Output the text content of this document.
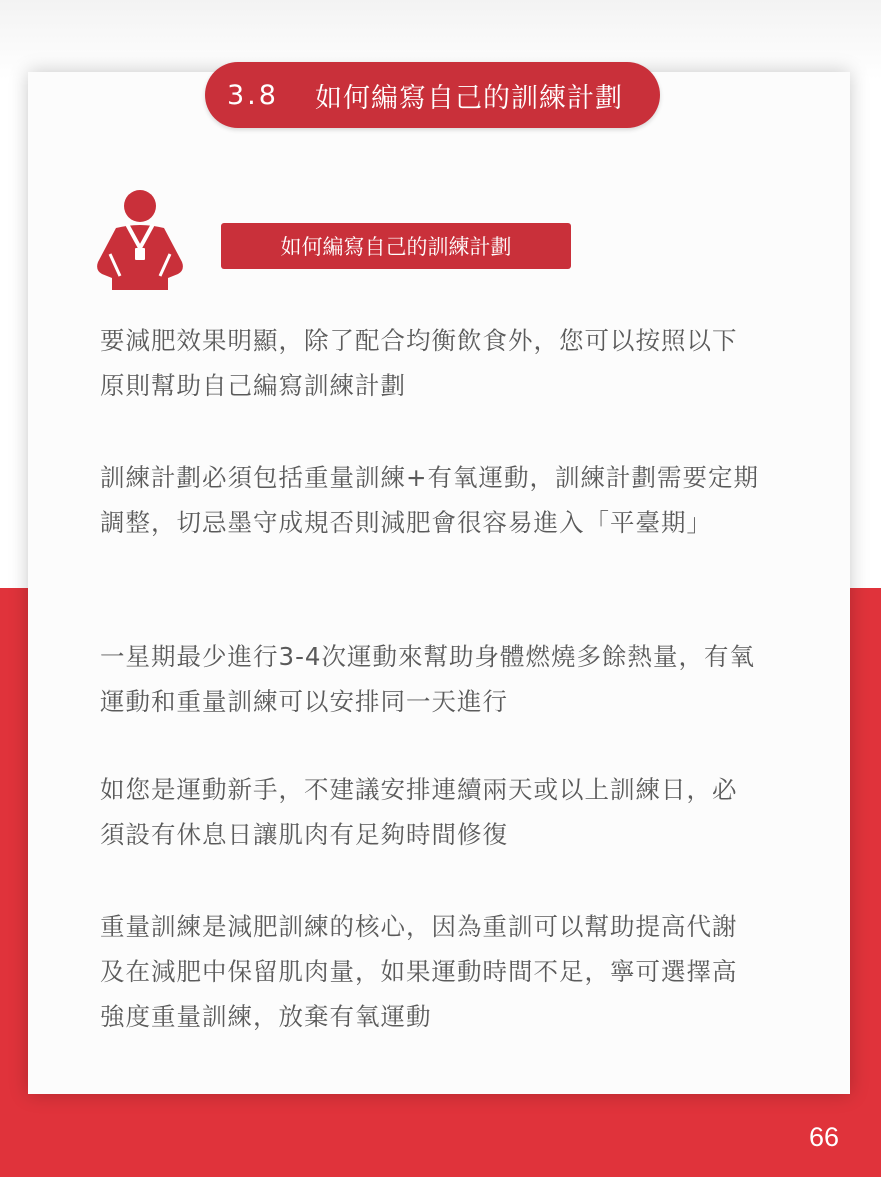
3.8	如何編寫自己的訓練計劃
如何編寫自己的訓練計劃

要減肥效果明顯，除了配合均衡飲食外，您可以按照以下原則幫助自己編寫訓練計劃

訓練計劃必須包括重量訓練+有氧運動，訓練計劃需要定期調整，切忌墨守成規否則減肥會很容易進入「平臺期」

一星期最少進行3-4次運動來幫助身體燃燒多餘熱量，有氧運動和重量訓練可以安排同一天進行

如您是運動新手，不建議安排連續兩天或以上訓練日，必須設有休息日讓肌肉有足夠時間修復

重量訓練是減肥訓練的核心，因為重訓可以幫助提高代謝及在減肥中保留肌肉量，如果運動時間不足，寧可選擇高強度重量訓練，放棄有氧運動

66
